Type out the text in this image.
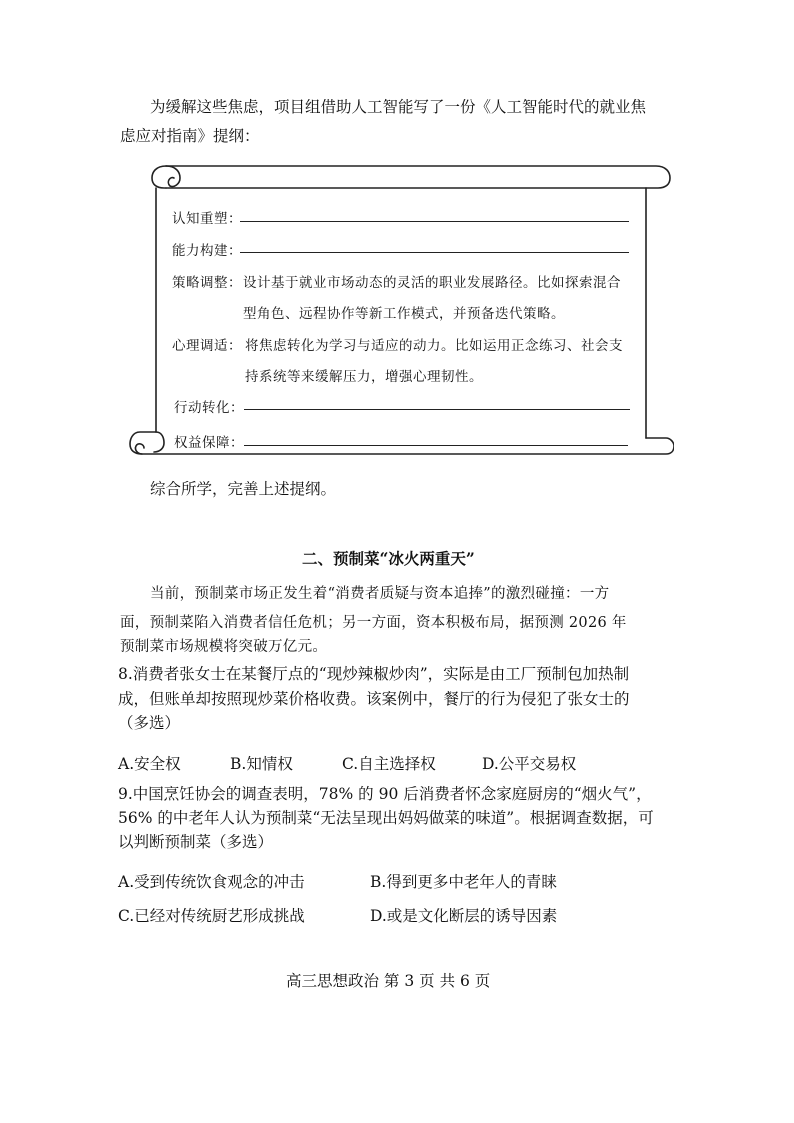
为缓解这些焦虑，项目组借助人工智能写了一份《人工智能时代的就业焦
虑应对指南》提纲：
认知重塑：
能力构建：
策略调整： 设计基于就业市场动态的灵活的职业发展路径。比如探索混合
型角色、远程协作等新工作模式，并预备迭代策略。
心理调适： 将焦虑转化为学习与适应的动力。比如运用正念练习、社会支
持系统等来缓解压力，增强心理韧性。
行动转化：
权益保障：
综合所学，完善上述提纲。
二、预制菜“冰火两重天”
当前，预制菜市场正发生着“消费者质疑与资本追捧”的激烈碰撞：一方
面，预制菜陷入消费者信任危机；另一方面，资本积极布局，据预测 2026 年
预制菜市场规模将突破万亿元。
8.消费者张女士在某餐厅点的“现炒辣椒炒肉”，实际是由工厂预制包加热制
成，但账单却按照现炒菜价格收费。该案例中，餐厅的行为侵犯了张女士的
（多选）
A.安全权	B.知情权	C.自主选择权	D.公平交易权
9.中国烹饪协会的调查表明，78% 的 90 后消费者怀念家庭厨房的“烟火气”，
56% 的中老年人认为预制菜“无法呈现出妈妈做菜的味道”。根据调查数据，可
以判断预制菜（多选）
A.受到传统饮食观念的冲击	B.得到更多中老年人的青睐
C.已经对传统厨艺形成挑战	D.或是文化断层的诱导因素
高三思想政治 第 3 页 共 6 页
